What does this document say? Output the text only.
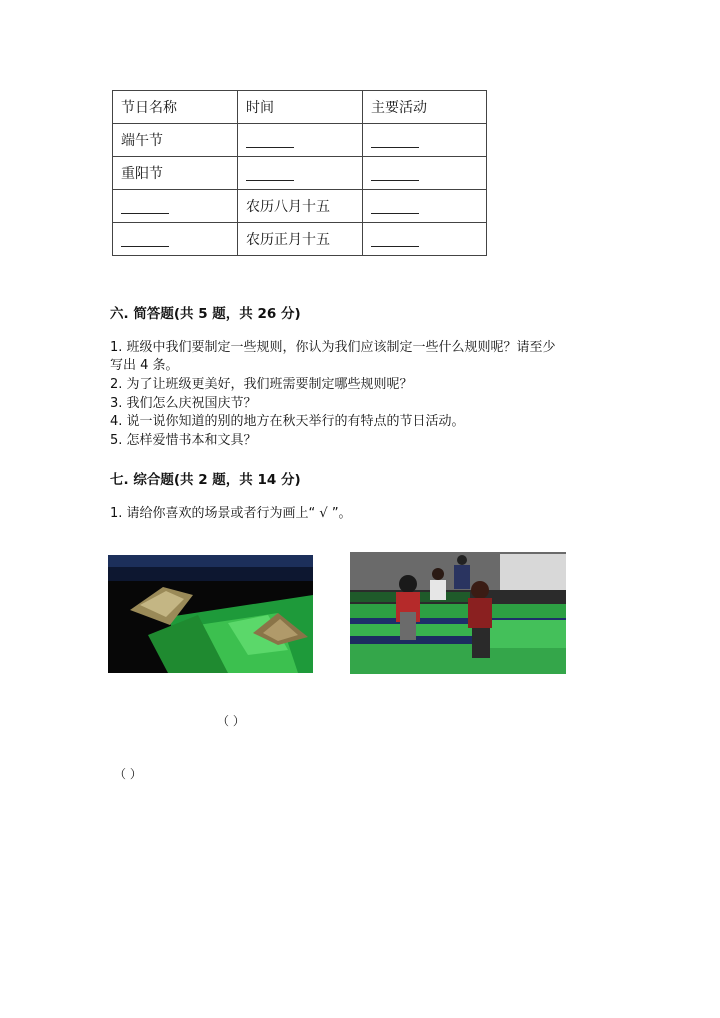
节日名称	时间	主要活动
端午节		
重阳节		
	农历八月十五	
	农历正月十五	
六. 简答题(共 5 题，共 26 分)
1. 班级中我们要制定一些规则，你认为我们应该制定一些什么规则呢？请至少
写出 4 条。
2. 为了让班级更美好，我们班需要制定哪些规则呢？
3. 我们怎么庆祝国庆节？
4. 说一说你知道的别的地方在秋天举行的有特点的节日活动。
5. 怎样爱惜书本和文具？
七. 综合题(共 2 题，共 14 分)
1. 请给你喜欢的场景或者行为画上“ √ ”。
（ ）
（ ）
